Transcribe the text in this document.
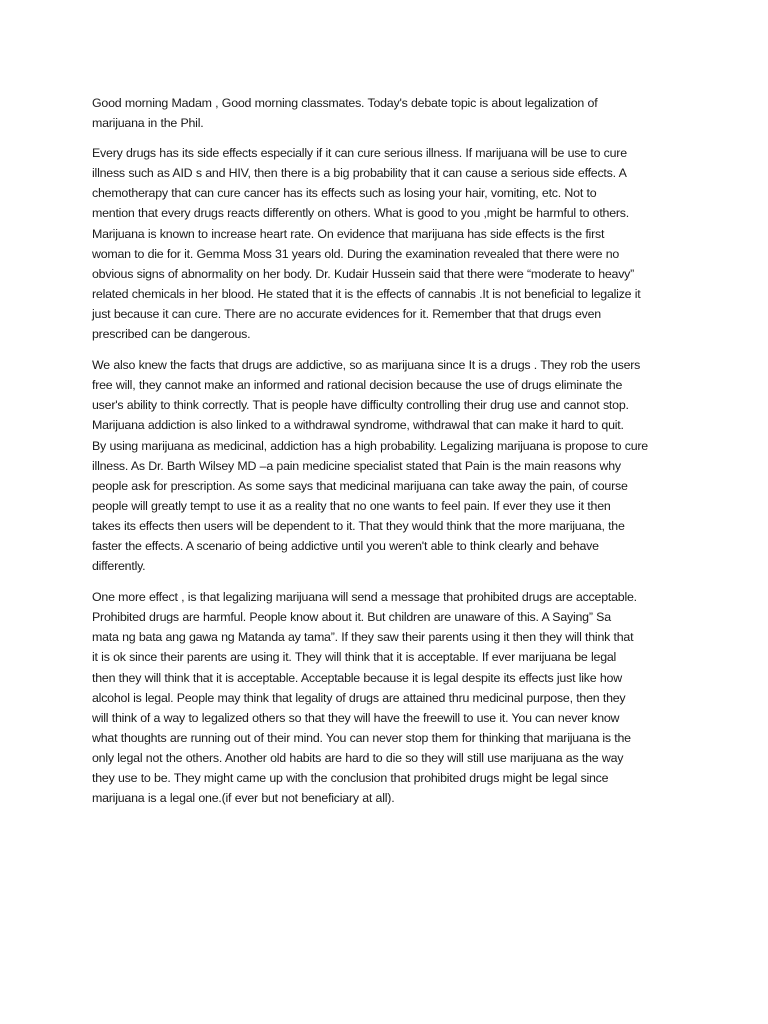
Good morning Madam , Good morning classmates. Today's debate topic is about legalization of
marijuana in the Phil.

Every drugs has its side effects especially if it can cure serious illness. If marijuana will be use to cure
illness such as AID s and HIV, then there is a big probability that it can cause a serious side effects. A
chemotherapy that can cure cancer has its effects such as losing your hair, vomiting, etc. Not to
mention that every drugs reacts differently on others. What is good to you ,might be harmful to others.
Marijuana is known to increase heart rate. On evidence that marijuana has side effects is the first
woman to die for it. Gemma Moss 31 years old. During the examination revealed that there were no
obvious signs of abnormality on her body. Dr. Kudair Hussein said that there were “moderate to heavy”
related chemicals in her blood. He stated that it is the effects of cannabis .It is not beneficial to legalize it
just because it can cure. There are no accurate evidences for it. Remember that that drugs even
prescribed can be dangerous.

We also knew the facts that drugs are addictive, so as marijuana since It is a drugs . They rob the users
free will, they cannot make an informed and rational decision because the use of drugs eliminate the
user's ability to think correctly. That is people have difficulty controlling their drug use and cannot stop.
Marijuana addiction is also linked to a withdrawal syndrome, withdrawal that can make it hard to quit.
By using marijuana as medicinal, addiction has a high probability. Legalizing marijuana is propose to cure
illness. As Dr. Barth Wilsey MD –a pain medicine specialist stated that Pain is the main reasons why
people ask for prescription. As some says that medicinal marijuana can take away the pain, of course
people will greatly tempt to use it as a reality that no one wants to feel pain. If ever they use it then
takes its effects then users will be dependent to it. That they would think that the more marijuana, the
faster the effects. A scenario of being addictive until you weren't able to think clearly and behave
differently.

One more effect , is that legalizing marijuana will send a message that prohibited drugs are acceptable.
Prohibited drugs are harmful. People know about it. But children are unaware of this. A Saying” Sa
mata ng bata ang gawa ng Matanda ay tama”. If they saw their parents using it then they will think that
it is ok since their parents are using it. They will think that it is acceptable. If ever marijuana be legal
then they will think that it is acceptable. Acceptable because it is legal despite its effects just like how
alcohol is legal. People may think that legality of drugs are attained thru medicinal purpose, then they
will think of a way to legalized others so that they will have the freewill to use it. You can never know
what thoughts are running out of their mind. You can never stop them for thinking that marijuana is the
only legal not the others. Another old habits are hard to die so they will still use marijuana as the way
they use to be. They might came up with the conclusion that prohibited drugs might be legal since
marijuana is a legal one.(if ever but not beneficiary at all).
